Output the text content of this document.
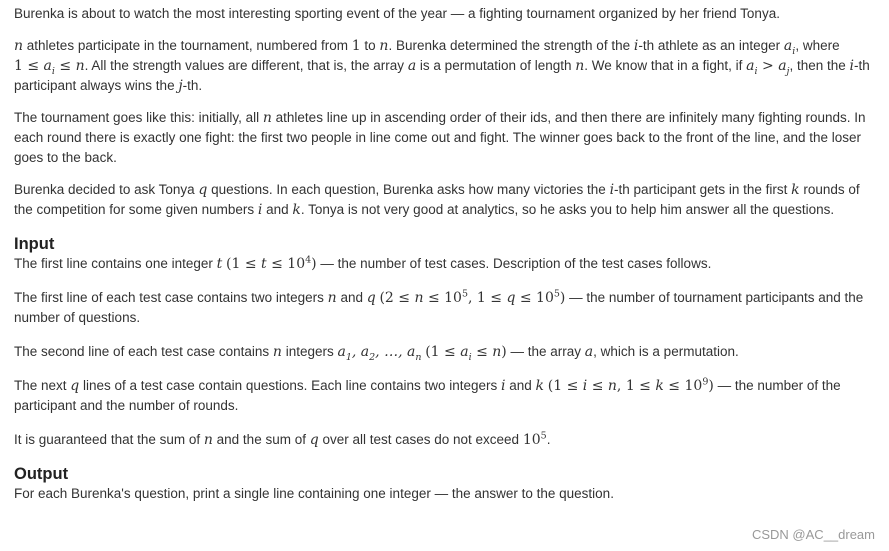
Burenka is about to watch the most interesting sporting event of the year — a fighting tournament organized by her friend Tonya.

n athletes participate in the tournament, numbered from 1 to n. Burenka determined the strength of the i-th athlete as an integer $a_i$, where
$1 \le a_i \le n$. All the strength values are different, that is, the array a is a permutation of length n. We know that in a fight, if $a_i > a_j$, then the i-th participant always wins the j-th.

The tournament goes like this: initially, all n athletes line up in ascending order of their ids, and then there are infinitely many fighting rounds. In each round there is exactly one fight: the first two people in line come out and fight. The winner goes back to the front of the line, and the loser goes to the back.

Burenka decided to ask Tonya q questions. In each question, Burenka asks how many victories the i-th participant gets in the first k rounds of the competition for some given numbers i and k. Tonya is not very good at analytics, so he asks you to help him answer all the questions.

Input

The first line contains one integer t $(1 \le t \le 10^4)$ — the number of test cases. Description of the test cases follows.

The first line of each test case contains two integers n and q ($2 \le n \le 10^5$, $1 \le q \le 10^5$) — the number of tournament participants and the number of questions.

The second line of each test case contains n integers $a_1$, $a_2$, …, $a_n$ $(1 \le a_i \le n)$ — the array a, which is a permutation.

The next q lines of a test case contain questions. Each line contains two integers i and k (1 ≤ i ≤ n, $1 \le k \le 10^9$) — the number of the participant and the number of rounds.

It is guaranteed that the sum of n and the sum of q over all test cases do not exceed $10^5$.

Output

For each Burenka's question, print a single line containing one integer — the answer to the question.

CSDN @AC__dream
